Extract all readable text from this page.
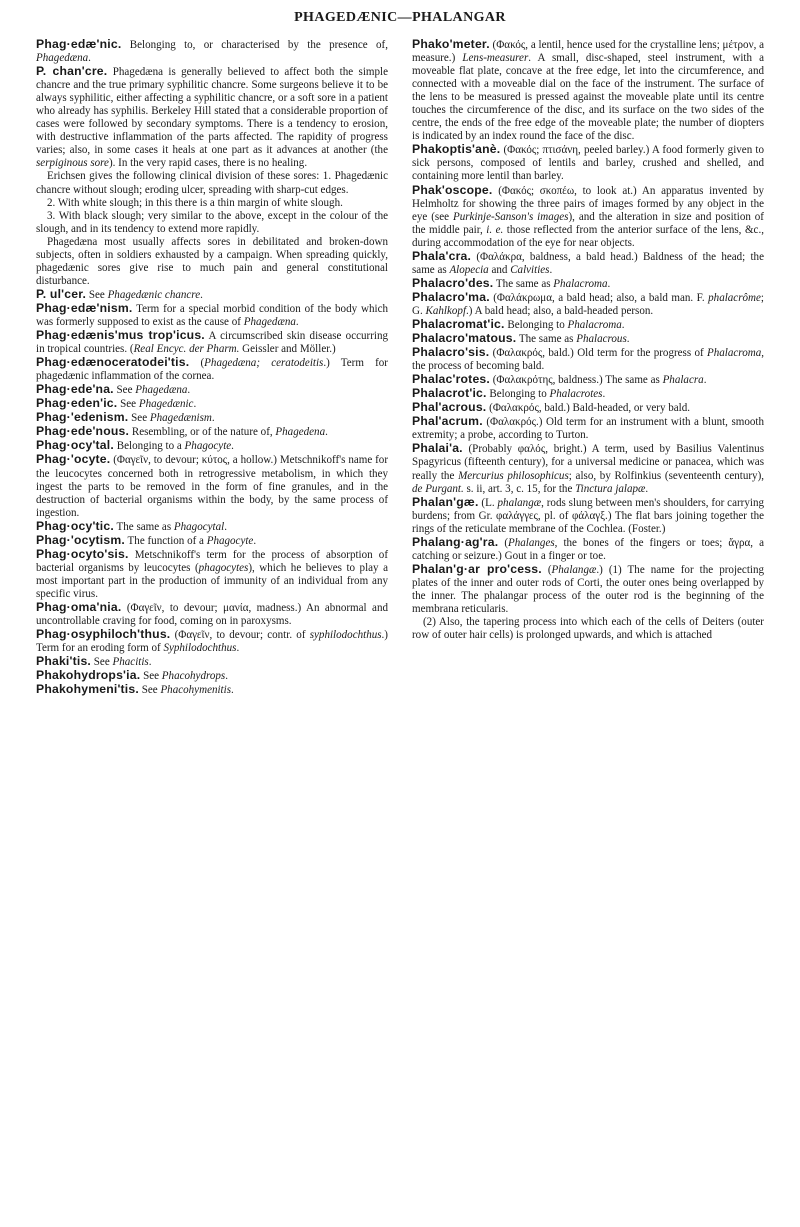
PHAGEDÆNIC—PHALANGAR

Phag·edæ'nic. Belonging to, or characterised by the presence of, Phagedæna.

P. chan'cre. Phagedæna is generally believed to affect both the simple chancre and the true primary syphilitic chancre. Some surgeons believe it to be always syphilitic, either affecting a syphilitic chancre, or a soft sore in a patient who already has syphilis. Berkeley Hill stated that a considerable proportion of cases were followed by secondary symptoms. There is a tendency to erosion, with destructive inflammation of the parts affected. The rapidity of progress varies; also, in some cases it heals at one part as it advances at another (the serpiginous sore). In the very rapid cases, there is no healing.

Erichsen gives the following clinical division of these sores: 1. Phagedænic chancre without slough; eroding ulcer, spreading with sharp-cut edges.

2. With white slough; in this there is a thin margin of white slough.

3. With black slough; very similar to the above, except in the colour of the slough, and in its tendency to extend more rapidly.

Phagedæna most usually affects sores in debilitated and broken-down subjects, often in soldiers exhausted by a campaign. When spreading quickly, phagedænic sores give rise to much pain and general constitutional disturbance.

P. ul'cer. See Phagedænic chancre.

Phag·edæ'nism. Term for a special morbid condition of the body which was formerly supposed to exist as the cause of Phagedæna.

Phag·edænis'mus trop'icus. A circumscribed skin disease occurring in tropical countries. (Real Encyc. der Pharm. Geissler and Möller.)

Phag·edænoceratodei'tis. (Phagedæna; ceratodeitis.) Term for phagedænic inflammation of the cornea.

Phag·ede'na. See Phagedæna.

Phag·eden'ic. See Phagedænic.

Phag·'edenism. See Phagedænism.

Phag·ede'nous. Resembling, or of the nature of, Phagedena.

Phag·ocy'tal. Belonging to a Phagocyte.

Phag·'ocyte. (Φαγεῖν, to devour; κύτος, a hollow.) Metschnikoff's name for the leucocytes concerned both in retrogressive metabolism, in which they ingest the parts to be removed in the form of fine granules, and in the destruction of bacterial organisms within the body, by the same process of ingestion.

Phag·ocy'tic. The same as Phagocytal.

Phag·'ocytism. The function of a Phagocyte.

Phag·ocyto'sis. Metschnikoff's term for the process of absorption of bacterial organisms by leucocytes (phagocytes), which he believes to play a most important part in the production of immunity of an individual from any specific virus.

Phag·oma'nia. (Φαγεῖν, to devour; μανία, madness.) An abnormal and uncontrollable craving for food, coming on in paroxysms.

Phag·osyphiloch'thus. (Φαγεῖν, to devour; contr. of syphilodochthus.) Term for an eroding form of Syphilodochthus.

Phaki'tis. See Phacitis.

Phakohydrops'ia. See Phacohydrops.

Phakohymeni'tis. See Phacohymenitis.

Phako'meter. (Φακός, a lentil, hence used for the crystalline lens; μέτρον, a measure.) Lens-measurer. A small, disc-shaped, steel instrument, with a moveable flat plate, concave at the free edge, let into the circumference, and connected with a moveable dial on the face of the instrument. The surface of the lens to be measured is pressed against the moveable plate until its centre touches the circumference of the disc, and its surface on the two sides of the centre, the ends of the free edge of the moveable plate; the number of diopters is indicated by an index round the face of the disc.

Phakoptis'anè. (Φακός; πτισάνη, peeled barley.) A food formerly given to sick persons, composed of lentils and barley, crushed and shelled, and containing more lentil than barley.

Phak'oscope. (Φακός; σκοπέω, to look at.) An apparatus invented by Helmholtz for showing the three pairs of images formed by any object in the eye (see Purkinje-Sanson's images), and the alteration in size and position of the middle pair, i. e. those reflected from the anterior surface of the lens, &c., during accommodation of the eye for near objects.

Phala'cra. (Φαλάκρα, baldness, a bald head.) Baldness of the head; the same as Alopecia and Calvities.

Phalacro'des. The same as Phalacroma.

Phalacro'ma. (Φαλάκρωμα, a bald head; also, a bald man. F. phalacrôme; G. Kahlkopf.) A bald head; also, a bald-headed person.

Phalacromat'ic. Belonging to Phalacroma.

Phalacro'matous. The same as Phalacrous.

Phalacro'sis. (Φαλακρός, bald.) Old term for the progress of Phalacroma, the process of becoming bald.

Phalac'rotes. (Φαλακρότης, baldness.) The same as Phalacra.

Phalacrot'ic. Belonging to Phalacrotes.

Phal'acrous. (Φαλακρός, bald.) Bald-headed, or very bald.

Phal'acrum. (Φαλακρός.) Old term for an instrument with a blunt, smooth extremity; a probe, according to Turton.

Phalai'a. (Probably φαλός, bright.) A term, used by Basilius Valentinus Spagyricus (fifteenth century), for a universal medicine or panacea, which was really the Mercurius philosophicus; also, by Rolfinkius (seventeenth century), de Purgant. s. ii, art. 3, c. 15, for the Tinctura jalapæ.

Phalan'gæ. (L. phalangæ, rods slung between men's shoulders, for carrying burdens; from Gr. φαλάγγες, pl. of φάλαγξ.) The flat bars joining together the rings of the reticulate membrane of the Cochlea. (Foster.)

Phalang·ag'ra. (Phalanges, the bones of the fingers or toes; ἄγρα, a catching or seizure.) Gout in a finger or toe.

Phalan'g·ar pro'cess. (Phalangæ.) (1) The name for the projecting plates of the inner and outer rods of Corti, the outer ones being overlapped by the inner. The phalangar process of the outer rod is the beginning of the membrana reticularis.

(2) Also, the tapering process into which each of the cells of Deiters (outer row of outer hair cells) is prolonged upwards, and which is attached
